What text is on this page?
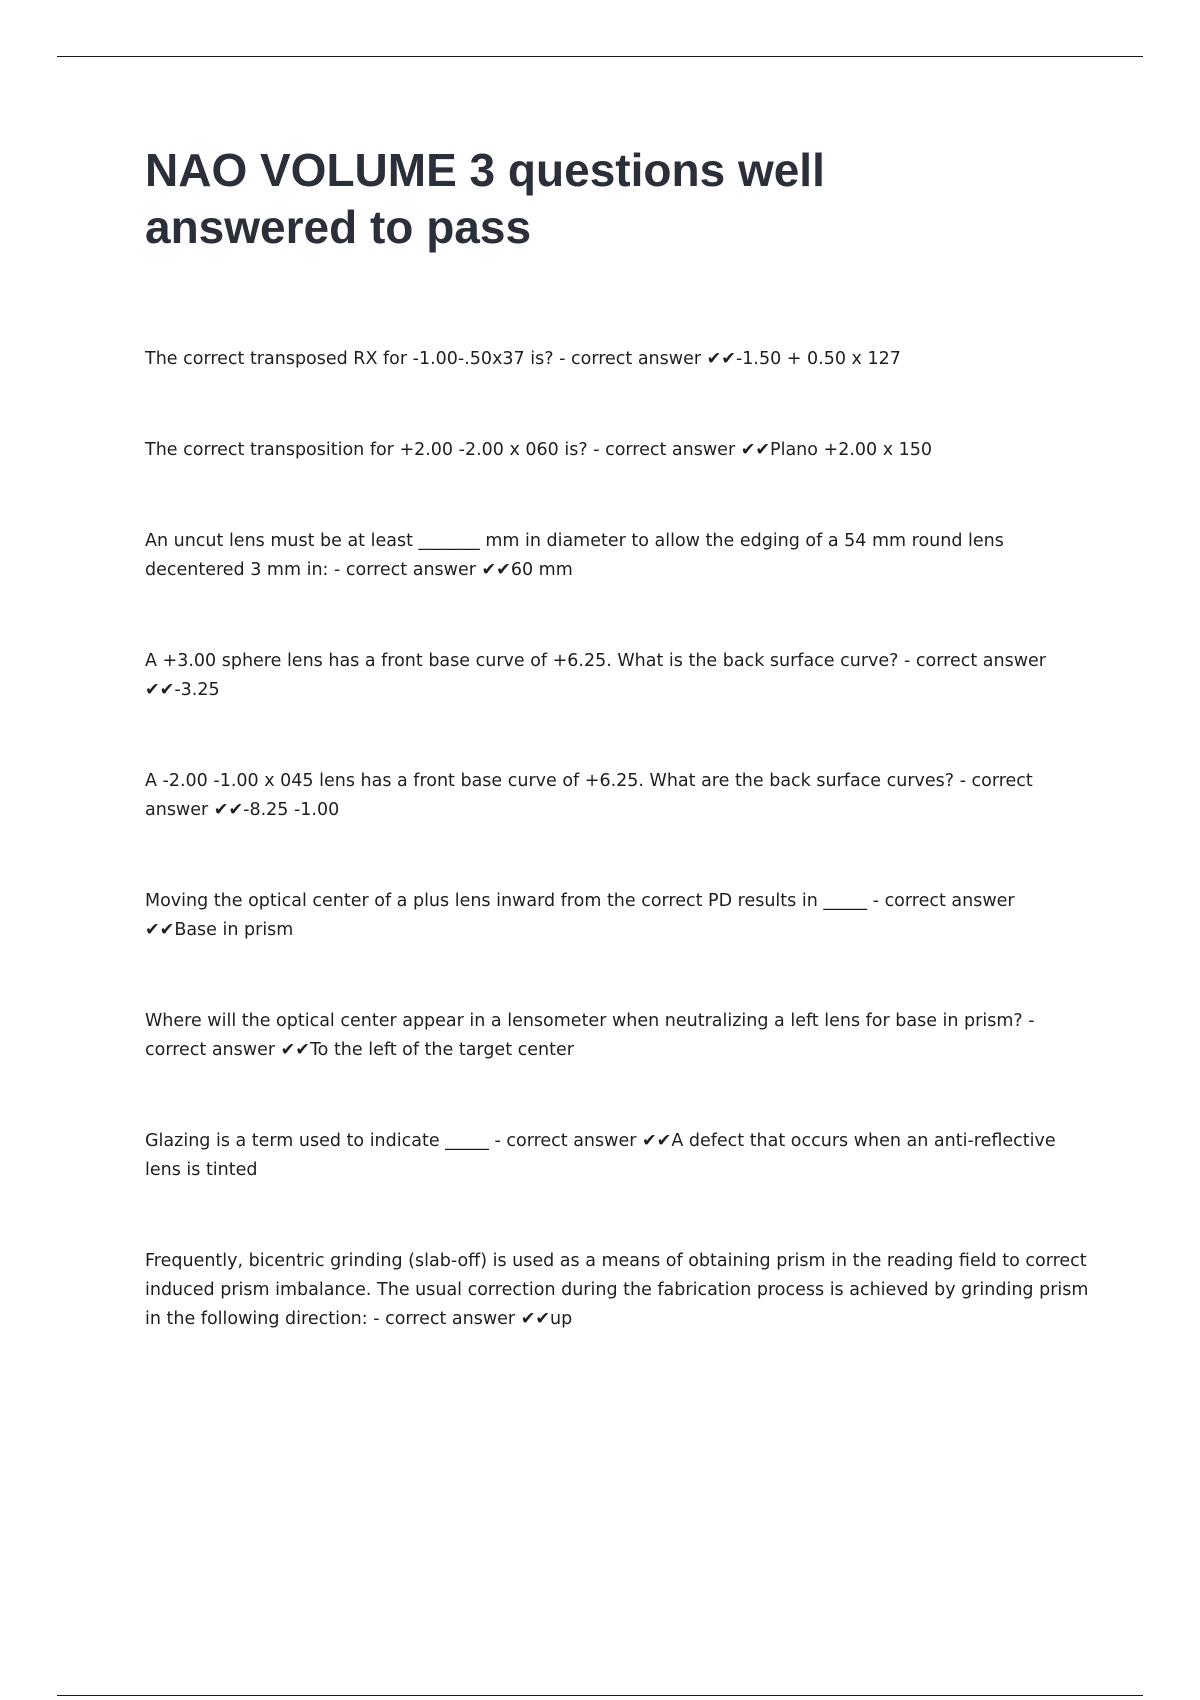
NAO VOLUME 3 questions well answered to pass
The correct transposed RX for -1.00-.50x37 is? - correct answer ✔✔-1.50 + 0.50 x 127
The correct transposition for +2.00 -2.00 x 060 is? - correct answer ✔✔Plano +2.00 x 150
An uncut lens must be at least _______ mm in diameter to allow the edging of a 54 mm round lens decentered 3 mm in: - correct answer ✔✔60 mm
A +3.00 sphere lens has a front base curve of +6.25. What is the back surface curve? - correct answer ✔✔-3.25
A -2.00 -1.00 x 045 lens has a front base curve of +6.25. What are the back surface curves? - correct answer ✔✔-8.25 -1.00
Moving the optical center of a plus lens inward from the correct PD results in _____ - correct answer ✔✔Base in prism
Where will the optical center appear in a lensometer when neutralizing a left lens for base in prism? - correct answer ✔✔To the left of the target center
Glazing is a term used to indicate _____ - correct answer ✔✔A defect that occurs when an anti-reflective lens is tinted
Frequently, bicentric grinding (slab-off) is used as a means of obtaining prism in the reading field to correct induced prism imbalance. The usual correction during the fabrication process is achieved by grinding prism in the following direction: - correct answer ✔✔up
